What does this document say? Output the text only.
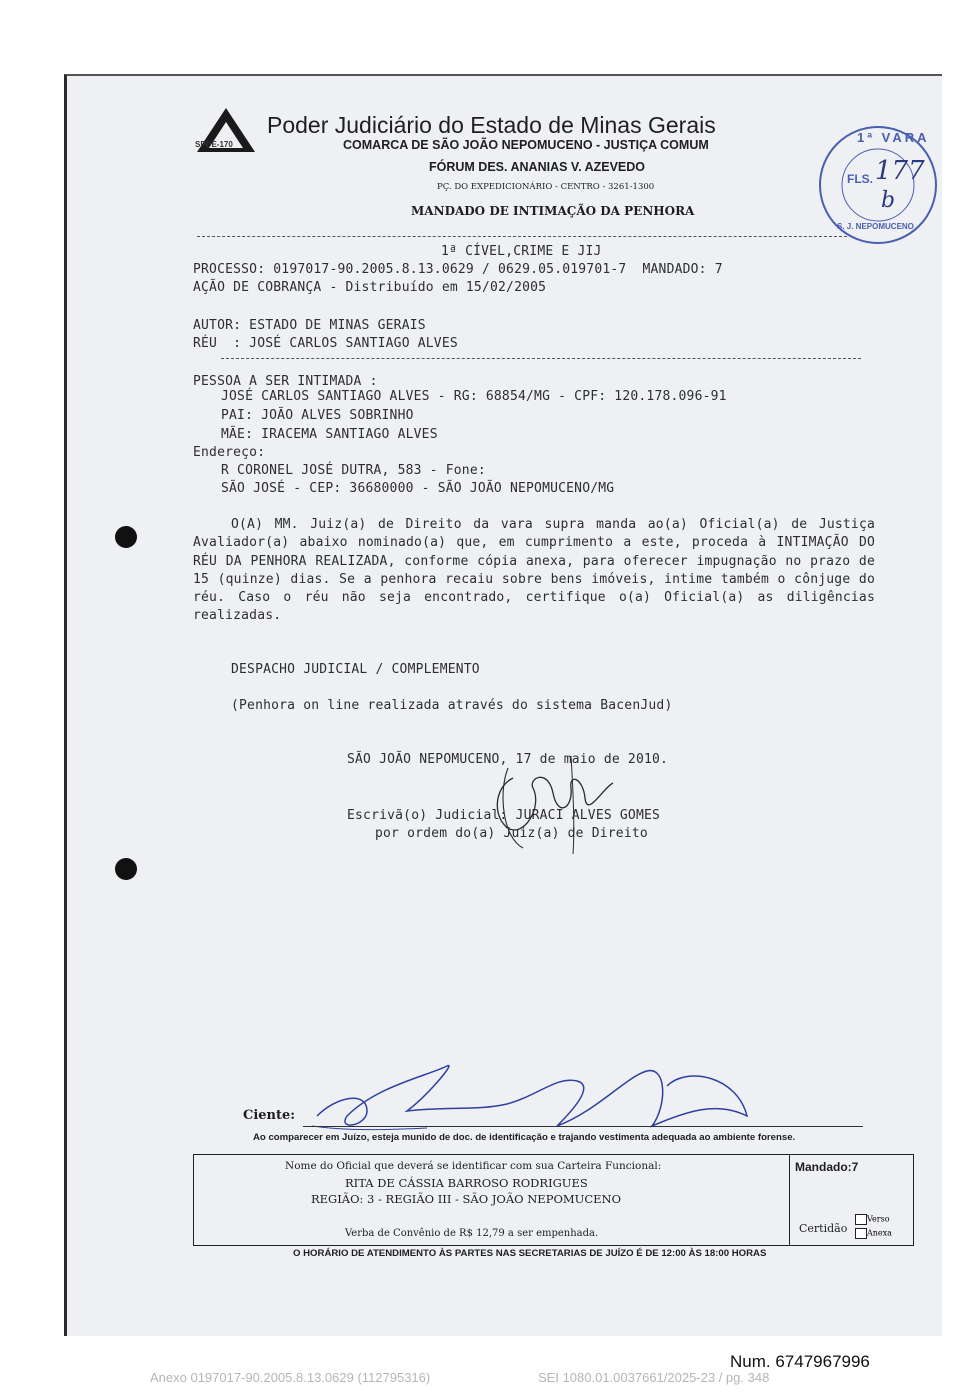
SPDE-170
Poder Judiciário do Estado de Minas Gerais
COMARCA DE SÃO JOÃO NEPOMUCENO - JUSTIÇA COMUM
FÓRUM DES. ANANIAS V. AZEVEDO
PÇ. DO EXPEDICIONÁRIO - CENTRO - 3261-1300
MANDADO DE INTIMAÇÃO DA PENHORA
1ª VARA
S. J. NEPOMUCENO
FLS. 177
b
1ª CÍVEL,CRIME E JIJ
PROCESSO: 0197017-90.2005.8.13.0629 / 0629.05.019701-7  MANDADO: 7
AÇÃO DE COBRANÇA - Distribuído em 15/02/2005
AUTOR: ESTADO DE MINAS GERAIS
RÉU  : JOSÉ CARLOS SANTIAGO ALVES
PESSOA A SER INTIMADA :
JOSÉ CARLOS SANTIAGO ALVES - RG: 68854/MG - CPF: 120.178.096-91
PAI: JOÃO ALVES SOBRINHO
MÃE: IRACEMA SANTIAGO ALVES
Endereço:
R CORONEL JOSÉ DUTRA, 583 - Fone:
SÃO JOSÉ - CEP: 36680000 - SÃO JOÃO NEPOMUCENO/MG
O(A) MM. Juiz(a) de Direito da vara supra manda ao(a) Oficial(a) de Justiça Avaliador(a) abaixo nominado(a) que, em cumprimento a este, proceda à INTIMAÇÃO DO RÉU DA PENHORA REALIZADA, conforme cópia anexa, para oferecer impugnação no prazo de 15 (quinze) dias. Se a penhora recaiu sobre bens imóveis, intime também o cônjuge do réu. Caso o réu não seja encontrado, certifique o(a) Oficial(a) as diligências realizadas.
DESPACHO JUDICIAL / COMPLEMENTO
(Penhora on line realizada através do sistema BacenJud)
SÃO JOÃO NEPOMUCENO, 17 de maio de 2010.
Escrivã(o) Judicial: JURACI ALVES GOMES
por ordem do(a) Juiz(a) de Direito
Ciente:
Ao comparecer em Juízo, esteja munido de doc. de identificação e trajando vestimenta adequada ao ambiente forense.
Nome do Oficial que deverá se identificar com sua Carteira Funcional:
RITA DE CÁSSIA BARROSO RODRIGUES
REGIÃO: 3 - REGIÃO III - SÃO JOÃO NEPOMUCENO
Verba de Convênio de R$ 12,79 a ser empenhada.
Mandado:7
Certidão
Verso
Anexa
O HORÁRIO DE ATENDIMENTO ÀS PARTES NAS SECRETARIAS DE JUÍZO É DE 12:00 ÀS 18:00 HORAS
Num. 6747967996
Anexo 0197017-90.2005.8.13.0629 (112795316)	SEI 1080.01.0037661/2025-23 / pg. 348
